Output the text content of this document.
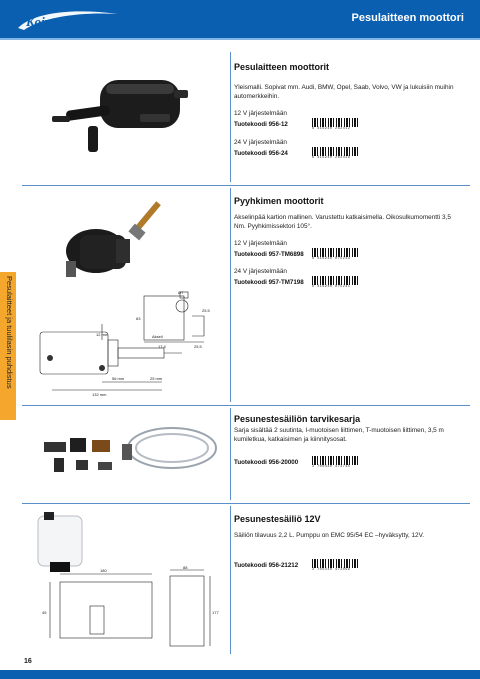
Koivunen Oy	Pesulaitteen moottori
Pesulaitteet ja tuulilasin puhdistus
Pesulaitteen moottorit
Yleismalli. Sopivat mm. Audi, BMW, Opel, Saab, Volvo, VW ja lukuisiin muihin automerkkeihin.
12 V järjestelmään
Tuotekoodi 956-12
6 416240 262412
24 V järjestelmään
Tuotekoodi 956-24
6 416240 262429
Ø7
63
25.5
17.4	25.5
12 mm
56 mm	25 mm
132 mm
Akseli
Pyyhkimen moottorit
Akselinpää kartion mallinen. Varustettu katkaisimella. Oikosulkumomentti 3,5 Nm. Pyyhkimissektori 105°.
12 V järjestelmään
Tuotekoodi 957-TM6898
6 416240 075234
24 V järjestelmään
Tuotekoodi 957-TM7198
6 416240 075241
Pesunestesäiliön tarvikesarja
Sarja sisältää 2 suutinta, I-muotoisen liittimen, T-muotoisen liittimen, 3,5 m kumiletkua, katkaisimen ja kiinnitysosat.
Tuotekoodi 956-20000
3 700440 473745
180
88
177
45
Pesunestesäiliö 12V
Säiliön tilavuus 2,2 L. Pumppu on EMC 95/54 EC –hyväksytty, 12V.
Tuotekoodi 956-21212
3 700440 473899
16
